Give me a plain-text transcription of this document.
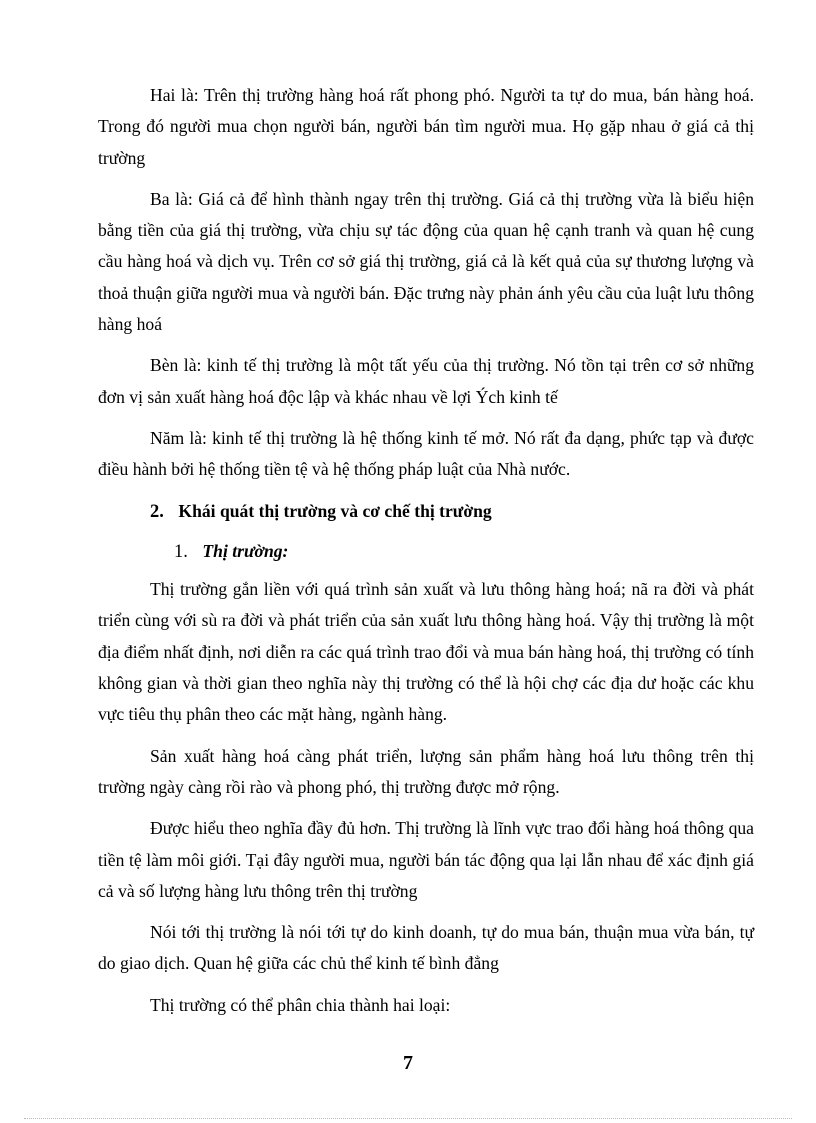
Hai là: Trên thị trường hàng hoá rất phong phó. Người ta tự do mua, bán hàng hoá. Trong đó người mua chọn người bán, người bán tìm người mua. Họ gặp nhau ở giá cả thị trường

Ba là: Giá cả để hình thành ngay trên thị trường. Giá cả thị trường vừa là biểu hiện bằng tiền của giá thị trường, vừa chịu sự tác động của quan hệ cạnh tranh và quan hệ cung cầu hàng hoá và dịch vụ. Trên cơ sở giá thị trường, giá cả là kết quả của sự thương lượng và thoả thuận giữa người mua và người bán. Đặc trưng này phản ánh yêu cầu của luật lưu thông hàng hoá

Bèn là: kinh tế thị trường là một tất yếu của thị trường. Nó tồn tại trên cơ sở những đơn vị sản xuất hàng hoá độc lập và khác nhau về lợi Ých kinh tế

Năm là: kinh tế thị trường là hệ thống kinh tế mở. Nó rất đa dạng, phức tạp và được điều hành bởi hệ thống tiền tệ và hệ thống pháp luật của Nhà nước.

2. Khái quát thị trường và cơ chế thị trường
1. Thị trường:

Thị trường gắn liền với quá trình sản xuất và lưu thông hàng hoá; nã ra đời và phát triển cùng với sù ra đời và phát triển của sản xuất lưu thông hàng hoá. Vậy thị trường là một địa điểm nhất định, nơi diễn ra các quá trình trao đổi và mua bán hàng hoá, thị trường có tính không gian và thời gian theo nghĩa này thị trường có thể là hội chợ các địa dư hoặc các khu vực tiêu thụ phân theo các mặt hàng, ngành hàng.

Sản xuất hàng hoá càng phát triển, lượng sản phẩm hàng hoá lưu thông trên thị trường ngày càng rồi rào và phong phó, thị trường được mở rộng.

Được hiểu theo nghĩa đầy đủ hơn. Thị trường là lĩnh vực trao đổi hàng hoá thông qua tiền tệ làm môi giới. Tại đây người mua, người bán tác động qua lại lẫn nhau để xác định giá cả và số lượng hàng lưu thông trên thị trường

Nói tới thị trường là nói tới tự do kinh doanh, tự do mua bán, thuận mua vừa bán, tự do giao dịch. Quan hệ giữa các chủ thể kinh tế bình đẳng

Thị trường có thể phân chia thành hai loại:

7
